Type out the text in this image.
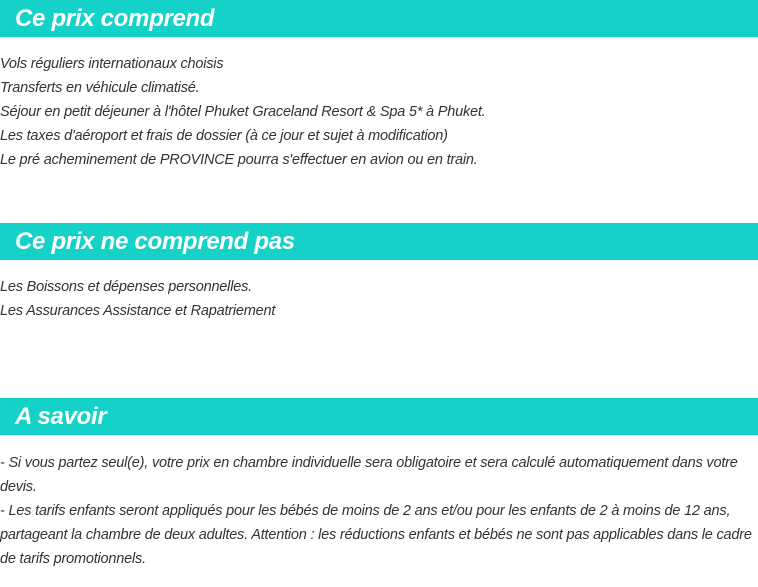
Ce prix comprend
Vols réguliers internationaux choisis
Transferts en véhicule climatisé.
Séjour en petit déjeuner à l'hôtel Phuket Graceland Resort & Spa 5* à Phuket.
Les taxes d'aéroport et frais de dossier (à ce jour et sujet à modification)
Le pré acheminement de PROVINCE pourra s'effectuer en avion ou en train.
Ce prix ne comprend pas
Les Boissons et dépenses personnelles.
Les Assurances Assistance et Rapatriement
A savoir
- Si vous partez seul(e), votre prix en chambre individuelle sera obligatoire et sera calculé automatiquement dans votre devis.
- Les tarifs enfants seront appliqués pour les bébés de moins de 2 ans et/ou pour les enfants de 2 à moins de 12 ans, partageant la chambre de deux adultes. Attention : les réductions enfants et bébés ne sont pas applicables dans le cadre de tarifs promotionnels.
